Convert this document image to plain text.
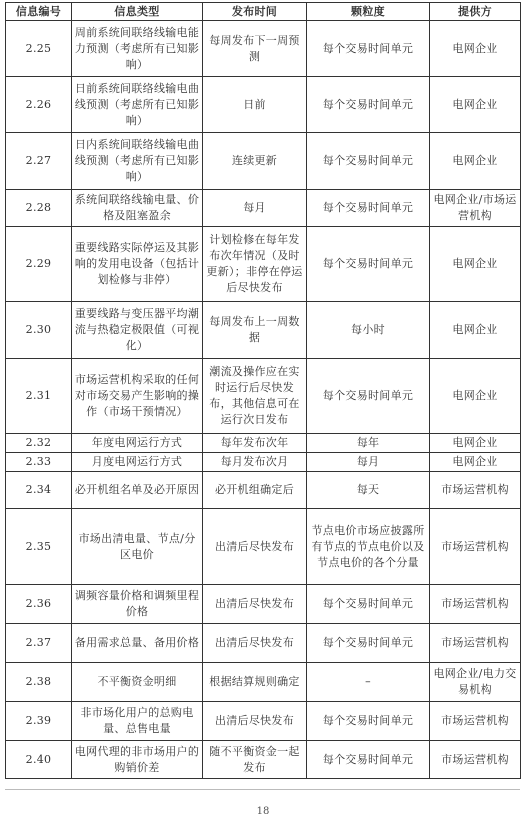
信息编号	信息类型	发布时间	颗粒度	提供方
2.25	周前系统间联络线输电能力预测（考虑所有已知影响）	每周发布下一周预测	每个交易时间单元	电网企业
2.26	日前系统间联络线输电曲线预测（考虑所有已知影响）	日前	每个交易时间单元	电网企业
2.27	日内系统间联络线输电曲线预测（考虑所有已知影响）	连续更新	每个交易时间单元	电网企业
2.28	系统间联络线输电量、价格及阻塞盈余	每月	每个交易时间单元	电网企业/市场运营机构
2.29	重要线路实际停运及其影响的发用电设备（包括计划检修与非停）	计划检修在每年发布次年情况（及时更新）；非停在停运后尽快发布	每个交易时间单元	电网企业
2.30	重要线路与变压器平均潮流与热稳定极限值（可视化）	每周发布上一周数据	每小时	电网企业
2.31	市场运营机构采取的任何对市场交易产生影响的操作（市场干预情况）	潮流及操作应在实时运行后尽快发布，其他信息可在运行次日发布	每个交易时间单元	电网企业
2.32	年度电网运行方式	每年发布次年	每年	电网企业
2.33	月度电网运行方式	每月发布次月	每月	电网企业
2.34	必开机组名单及必开原因	必开机组确定后	每天	市场运营机构
2.35	市场出清电量、节点/分区电价	出清后尽快发布	节点电价市场应披露所有节点的节点电价以及节点电价的各个分量	市场运营机构
2.36	调频容量价格和调频里程价格	出清后尽快发布	每个交易时间单元	市场运营机构
2.37	备用需求总量、备用价格	出清后尽快发布	每个交易时间单元	市场运营机构
2.38	不平衡资金明细	根据结算规则确定	–	电网企业/电力交易机构
2.39	非市场化用户的总购电量、总售电量	出清后尽快发布	每个交易时间单元	市场运营机构
2.40	电网代理的非市场用户的购销价差	随不平衡资金一起发布	每个交易时间单元	市场运营机构
18
